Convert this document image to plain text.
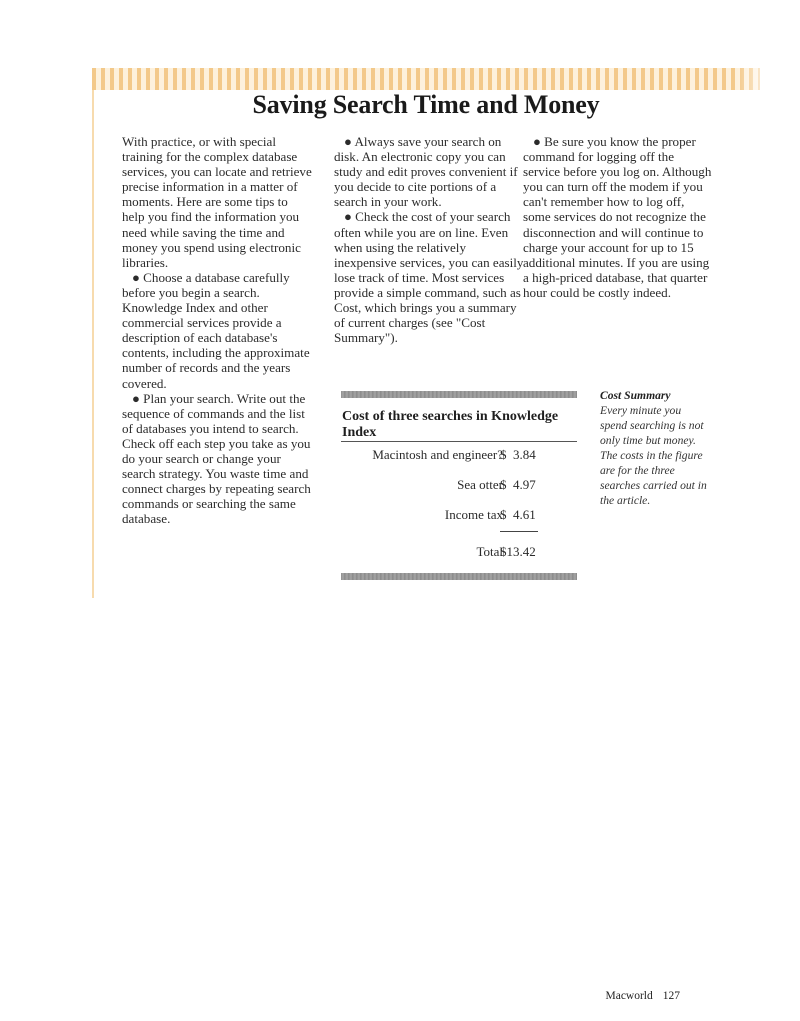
Saving Search Time and Money

With practice, or with special training for the complex database services, you can locate and retrieve precise information in a matter of moments. Here are some tips to help you find the information you need while saving the time and money you spend using electronic libraries.

● Choose a database carefully before you begin a search. Knowledge Index and other commercial services provide a description of each database's contents, including the approximate number of records and the years covered.

● Plan your search. Write out the sequence of commands and the list of databases you intend to search. Check off each step you take as you do your search or change your search strategy. You waste time and connect charges by repeating search commands or searching the same database.

● Always save your search on disk. An electronic copy you can study and edit proves convenient if you decide to cite portions of a search in your work.

● Check the cost of your search often while you are on line. Even when using the relatively inexpensive services, you can easily lose track of time. Most services provide a simple command, such as Cost, which brings you a summary of current charges (see "Cost Summary").

● Be sure you know the proper command for logging off the service before you log on. Although you can turn off the modem if you can't remember how to log off, some services do not recognize the disconnection and will continue to charge your account for up to 15 additional minutes. If you are using a high-priced database, that quarter hour could be costly indeed.

Cost of three searches in Knowledge Index
Macintosh and engineer?
$  3.84
Sea otter
$  4.97
Income tax
$  4.61
Total
$13.42
Cost Summary
Every minute you spend searching is not only time but money. The costs in the figure are for the three searches carried out in the article.
Macworld 127
